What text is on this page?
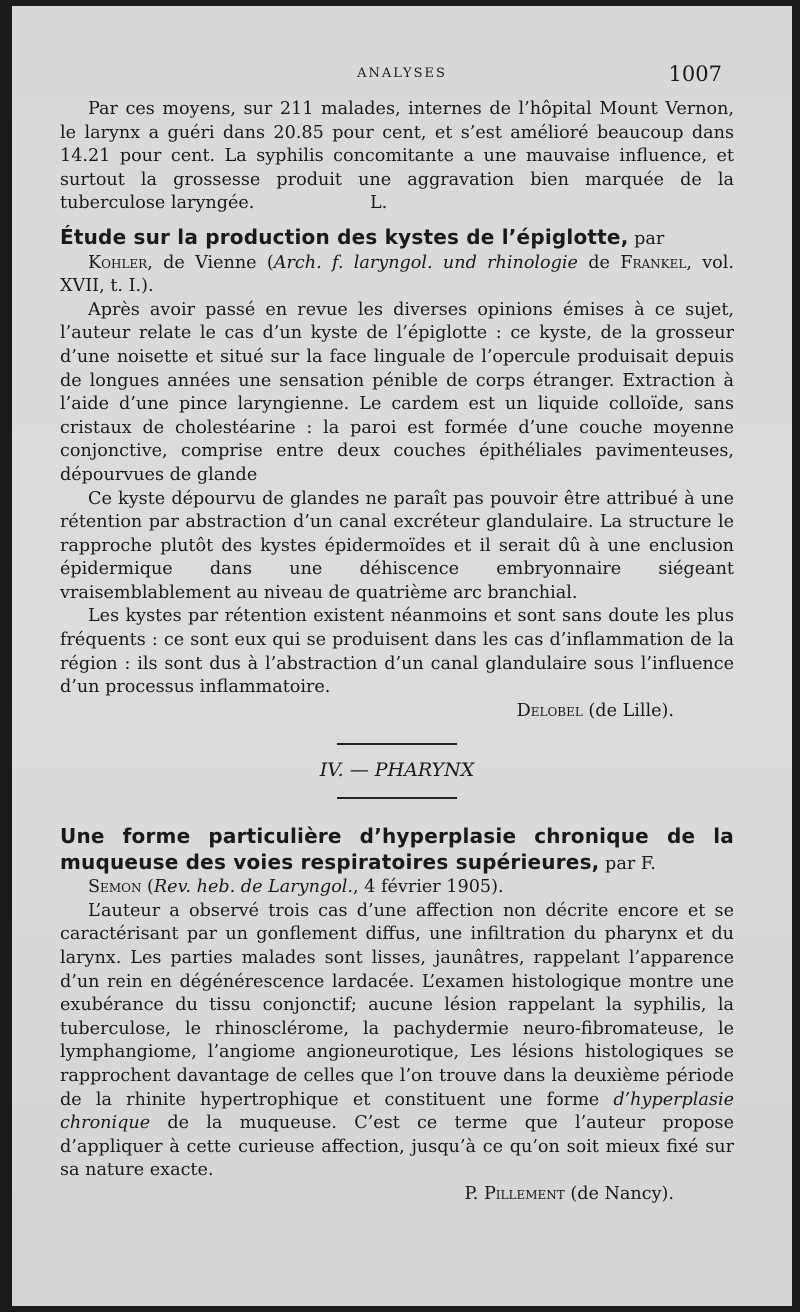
ANALYSES	1007

Par ces moyens, sur 211 malades, internes de l’hôpital Mount Vernon, le larynx a guéri dans 20.85 pour cent, et s’est amélioré beaucoup dans 14.21 pour cent. La syphilis concomitante a une mauvaise influence, et surtout la grossesse produit une aggravation bien marquée de la tuberculose laryngée.	L.

Étude sur la production des kystes de l’épiglotte, par
Kohler, de Vienne (Arch. f. laryngol. und rhinologie de Frankel, vol. XVII, t. I.).

Après avoir passé en revue les diverses opinions émises à ce sujet, l’auteur relate le cas d’un kyste de l’épiglotte : ce kyste, de la grosseur d’une noisette et situé sur la face linguale de l’opercule produisait depuis de longues années une sensation pénible de corps étranger. Extraction à l’aide d’une pince laryngienne. Le cardem est un liquide colloïde, sans cristaux de cholestéarine : la paroi est formée d’une couche moyenne conjonctive, comprise entre deux couches épithéliales pavimenteuses, dépourvues de glande

Ce kyste dépourvu de glandes ne paraît pas pouvoir être attribué à une rétention par abstraction d’un canal excréteur glandulaire. La structure le rapproche plutôt des kystes épidermoïdes et il serait dû à une enclusion épidermique dans une déhiscence embryonnaire siégeant vraisemblablement au niveau de quatrième arc branchial.

Les kystes par rétention existent néanmoins et sont sans doute les plus fréquents : ce sont eux qui se produisent dans les cas d’inflammation de la région : ils sont dus à l’abstraction d’un canal glandulaire sous l’influence d’un processus inflammatoire.

Delobel (de Lille).

IV. — PHARYNX

Une forme particulière d’hyperplasie chronique de la muqueuse des voies respiratoires supérieures, par F.
Semon (Rev. heb. de Laryngol., 4 février 1905).

L’auteur a observé trois cas d’une affection non décrite encore et se caractérisant par un gonflement diffus, une infiltration du pharynx et du larynx. Les parties malades sont lisses, jaunâtres, rappelant l’apparence d’un rein en dégénérescence lardacée. L’examen histologique montre une exubérance du tissu conjonctif; aucune lésion rappelant la syphilis, la tuberculose, le rhinosclérome, la pachydermie neuro-fibromateuse, le lymphangiome, l’angiome angioneurotique, Les lésions histologiques se rapprochent davantage de celles que l’on trouve dans la deuxième période de la rhinite hypertrophique et constituent une forme d’hyperplasie chronique de la muqueuse. C’est ce terme que l’auteur propose d’appliquer à cette curieuse affection, jusqu’à ce qu’on soit mieux fixé sur sa nature exacte.

P. Pillement (de Nancy).
